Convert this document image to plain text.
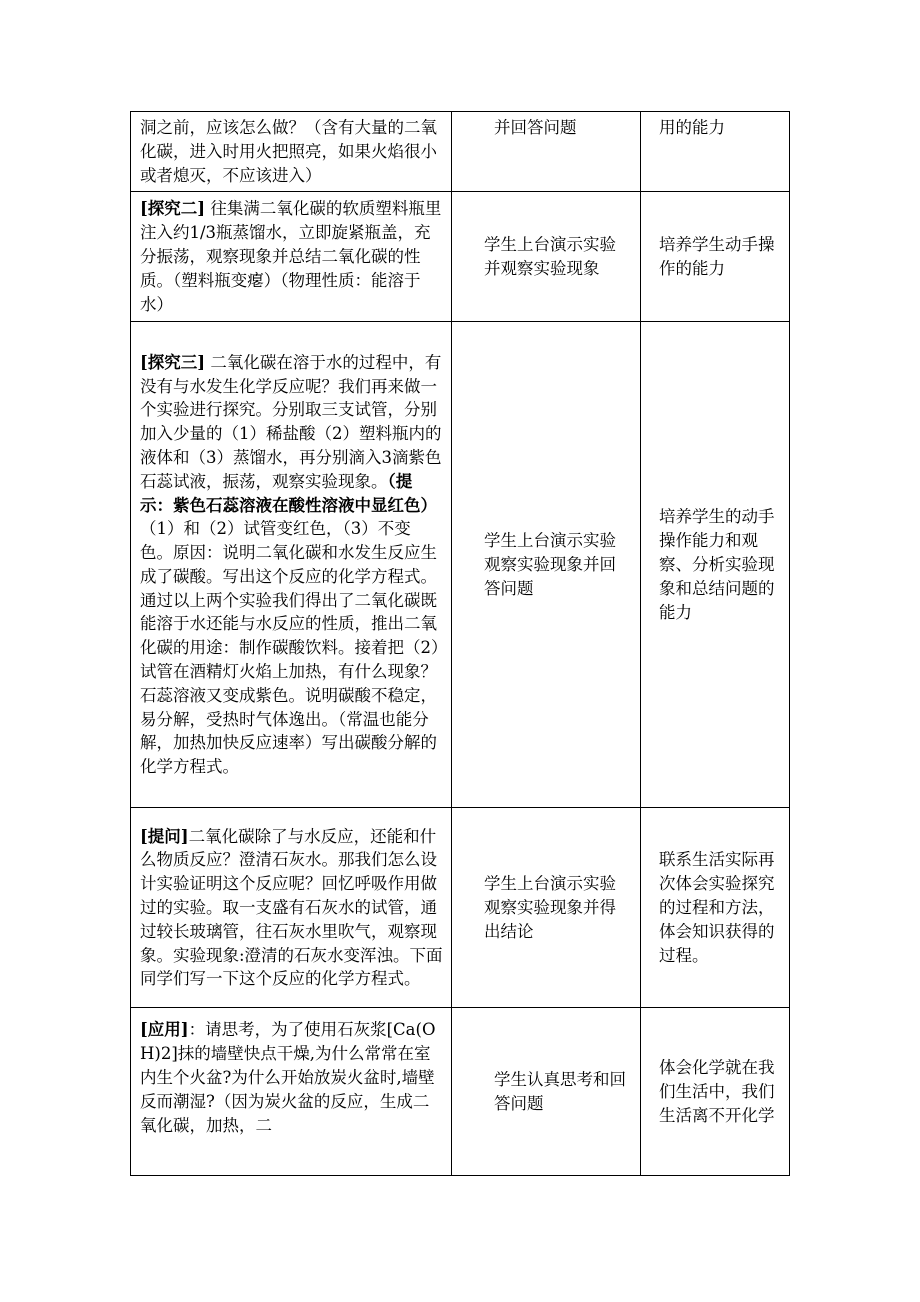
洞之前，应该怎么做？（含有大量的二氧化碳，进入时用火把照亮，如果火焰很小或者熄灭，不应该进入）	并回答问题	用的能力
[探究二] 往集满二氧化碳的软质塑料瓶里注入约1/3瓶蒸馏水，立即旋紧瓶盖，充分振荡，观察现象并总结二氧化碳的性质。（塑料瓶变瘪）（物理性质：能溶于水）	学生上台演示实验并观察实验现象	培养学生动手操作的能力
[探究三] 二氧化碳在溶于水的过程中，有没有与水发生化学反应呢？我们再来做一个实验进行探究。分别取三支试管，分别加入少量的（1）稀盐酸（2）塑料瓶内的液体和（3）蒸馏水，再分别滴入3滴紫色石蕊试液，振荡，观察实验现象。（提示：紫色石蕊溶液在酸性溶液中显红色）（1）和（2）试管变红色，（3）不变色。原因：说明二氧化碳和水发生反应生成了碳酸。写出这个反应的化学方程式。通过以上两个实验我们得出了二氧化碳既能溶于水还能与水反应的性质，推出二氧化碳的用途：制作碳酸饮料。接着把（2）试管在酒精灯火焰上加热，有什么现象？石蕊溶液又变成紫色。说明碳酸不稳定，易分解，受热时气体逸出。（常温也能分解，加热加快反应速率）写出碳酸分解的化学方程式。	学生上台演示实验观察实验现象并回答问题	培养学生的动手操作能力和观察、分析实验现象和总结问题的能力
[提问]二氧化碳除了与水反应，还能和什么物质反应？澄清石灰水。那我们怎么设计实验证明这个反应呢？回忆呼吸作用做过的实验。取一支盛有石灰水的试管，通过较长玻璃管，往石灰水里吹气，观察现象。实验现象:澄清的石灰水变浑浊。下面同学们写一下这个反应的化学方程式。	学生上台演示实验观察实验现象并得出结论	联系生活实际再次体会实验探究的过程和方法，体会知识获得的过程。
[应用]：请思考，为了使用石灰浆[Ca(OH)2]抹的墙壁快点干燥,为什么常常在室内生个火盆?为什么开始放炭火盆时,墙壁反而潮湿?（因为炭火盆的反应，生成二氧化碳，加热，二	学生认真思考和回答问题	体会化学就在我们生活中，我们生活离不开化学
